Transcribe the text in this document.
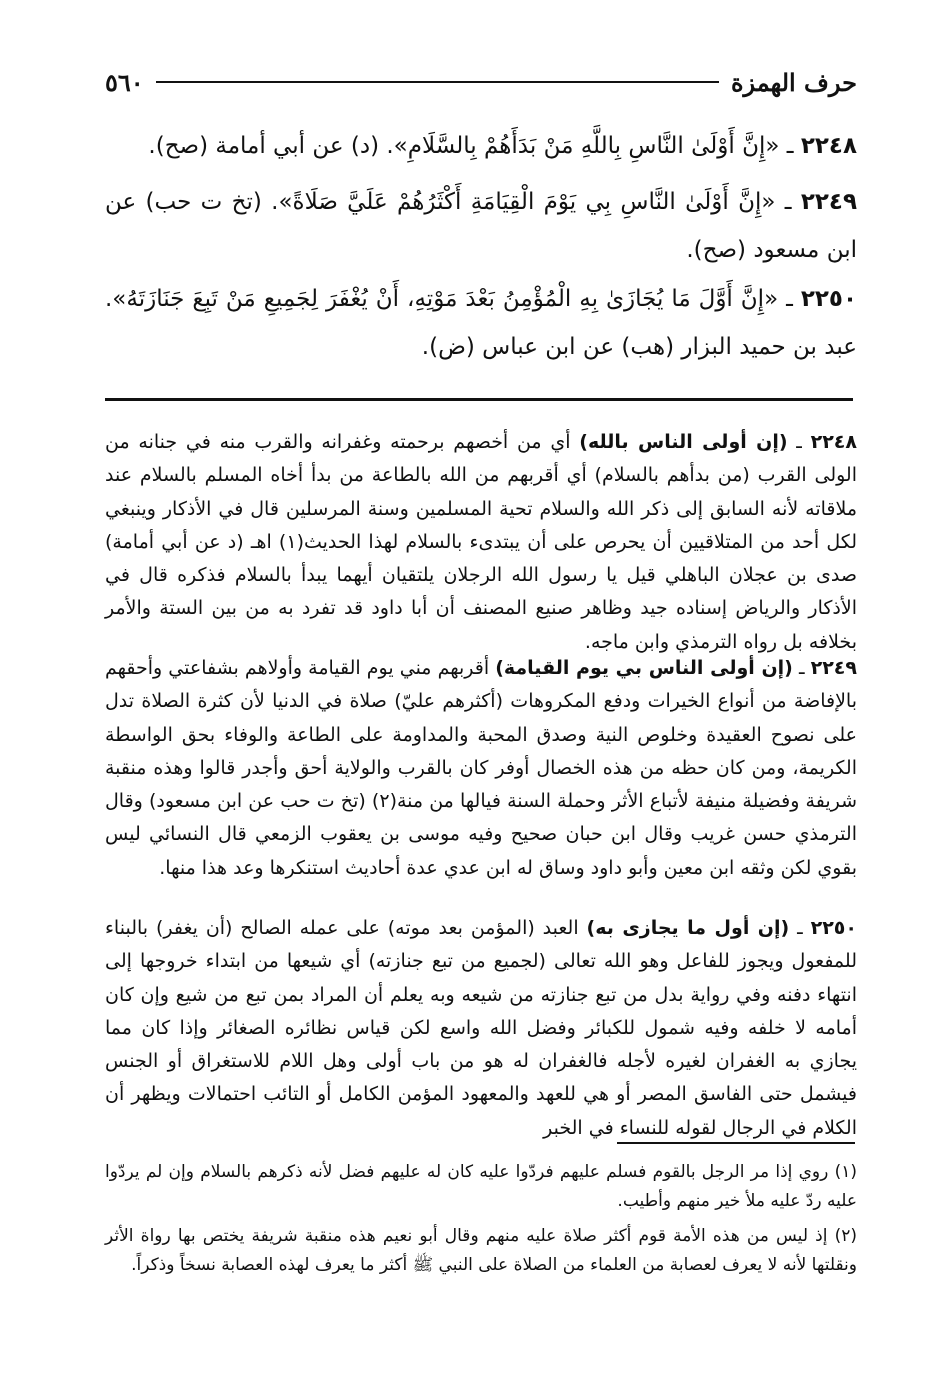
حرف الهمزة
٥٦٠
٢٢٤٨ ـ «إِنَّ أَوْلَىٰ النَّاسِ بِاللَّهِ مَنْ بَدَأَهُمْ بِالسَّلَامِ». (د) عن أبي أمامة (صح).
٢٢٤٩ ـ «إِنَّ أَوْلَىٰ النَّاسِ بِي يَوْمَ الْقِيَامَةِ أَكْثَرُهُمْ عَلَيَّ صَلَاةً». (تخ ت حب) عن ابن مسعود (صح).
٢٢٥٠ ـ «إِنَّ أَوَّلَ مَا يُجَازَىٰ بِهِ الْمُؤْمِنُ بَعْدَ مَوْتِهِ، أَنْ يُغْفَرَ لِجَمِيعِ مَنْ تَبِعَ جَنَازَتَهُ». عبد بن حميد البزار (هب) عن ابن عباس (ض).
٢٢٤٨ ـ (إن أولى الناس بالله) أي من أخصهم برحمته وغفرانه والقرب منه في جنانه من الولى القرب (من بدأهم بالسلام) أي أقربهم من الله بالطاعة من بدأ أخاه المسلم بالسلام عند ملاقاته لأنه السابق إلى ذكر الله والسلام تحية المسلمين وسنة المرسلين قال في الأذكار وينبغي لكل أحد من المتلاقيين أن يحرص على أن يبتدىء بالسلام لهذا الحديث(١) اهـ (د عن أبي أمامة) صدى بن عجلان الباهلي قيل يا رسول الله الرجلان يلتقيان أيهما يبدأ بالسلام فذكره قال في الأذكار والرياض إسناده جيد وظاهر صنيع المصنف أن أبا داود قد تفرد به من بين الستة والأمر بخلافه بل رواه الترمذي وابن ماجه.
٢٢٤٩ ـ (إن أولى الناس بي يوم القيامة) أقربهم مني يوم القيامة وأولاهم بشفاعتي وأحقهم بالإفاضة من أنواع الخيرات ودفع المكروهات (أكثرهم عليّ) صلاة في الدنيا لأن كثرة الصلاة تدل على نصوح العقيدة وخلوص النية وصدق المحبة والمداومة على الطاعة والوفاء بحق الواسطة الكريمة، ومن كان حظه من هذه الخصال أوفر كان بالقرب والولاية أحق وأجدر قالوا وهذه منقبة شريفة وفضيلة منيفة لأتباع الأثر وحملة السنة فيالها من منة(٢) (تخ ت حب عن ابن مسعود) وقال الترمذي حسن غريب وقال ابن حبان صحيح وفيه موسى بن يعقوب الزمعي قال النسائي ليس بقوي لكن وثقه ابن معين وأبو داود وساق له ابن عدي عدة أحاديث استنكرها وعد هذا منها.
٢٢٥٠ ـ (إن أول ما يجازى به) العبد (المؤمن بعد موته) على عمله الصالح (أن يغفر) بالبناء للمفعول ويجوز للفاعل وهو الله تعالى (لجميع من تبع جنازته) أي شيعها من ابتداء خروجها إلى انتهاء دفنه وفي رواية بدل من تبع جنازته من شيعه وبه يعلم أن المراد بمن تبع من شيع وإن كان أمامه لا خلفه وفيه شمول للكبائر وفضل الله واسع لكن قياس نظائره الصغائر وإذا كان مما يجازي به الغفران لغيره لأجله فالغفران له هو من باب أولى وهل اللام للاستغراق أو الجنس فيشمل حتى الفاسق المصر أو هي للعهد والمعهود المؤمن الكامل أو التائب احتمالات ويظهر أن الكلام في الرجال لقوله للنساء في الخبر
(١) روي إذا مر الرجل بالقوم فسلم عليهم فردّوا عليه كان له عليهم فضل لأنه ذكرهم بالسلام وإن لم يردّوا عليه ردّ عليه ملأ خير منهم وأطيب.
(٢) إذ ليس من هذه الأمة قوم أكثر صلاة عليه منهم وقال أبو نعيم هذه منقبة شريفة يختص بها رواة الأثر ونقلتها لأنه لا يعرف لعصابة من العلماء من الصلاة على النبي ﷺ أكثر ما يعرف لهذه العصابة نسخاً وذكراً.
